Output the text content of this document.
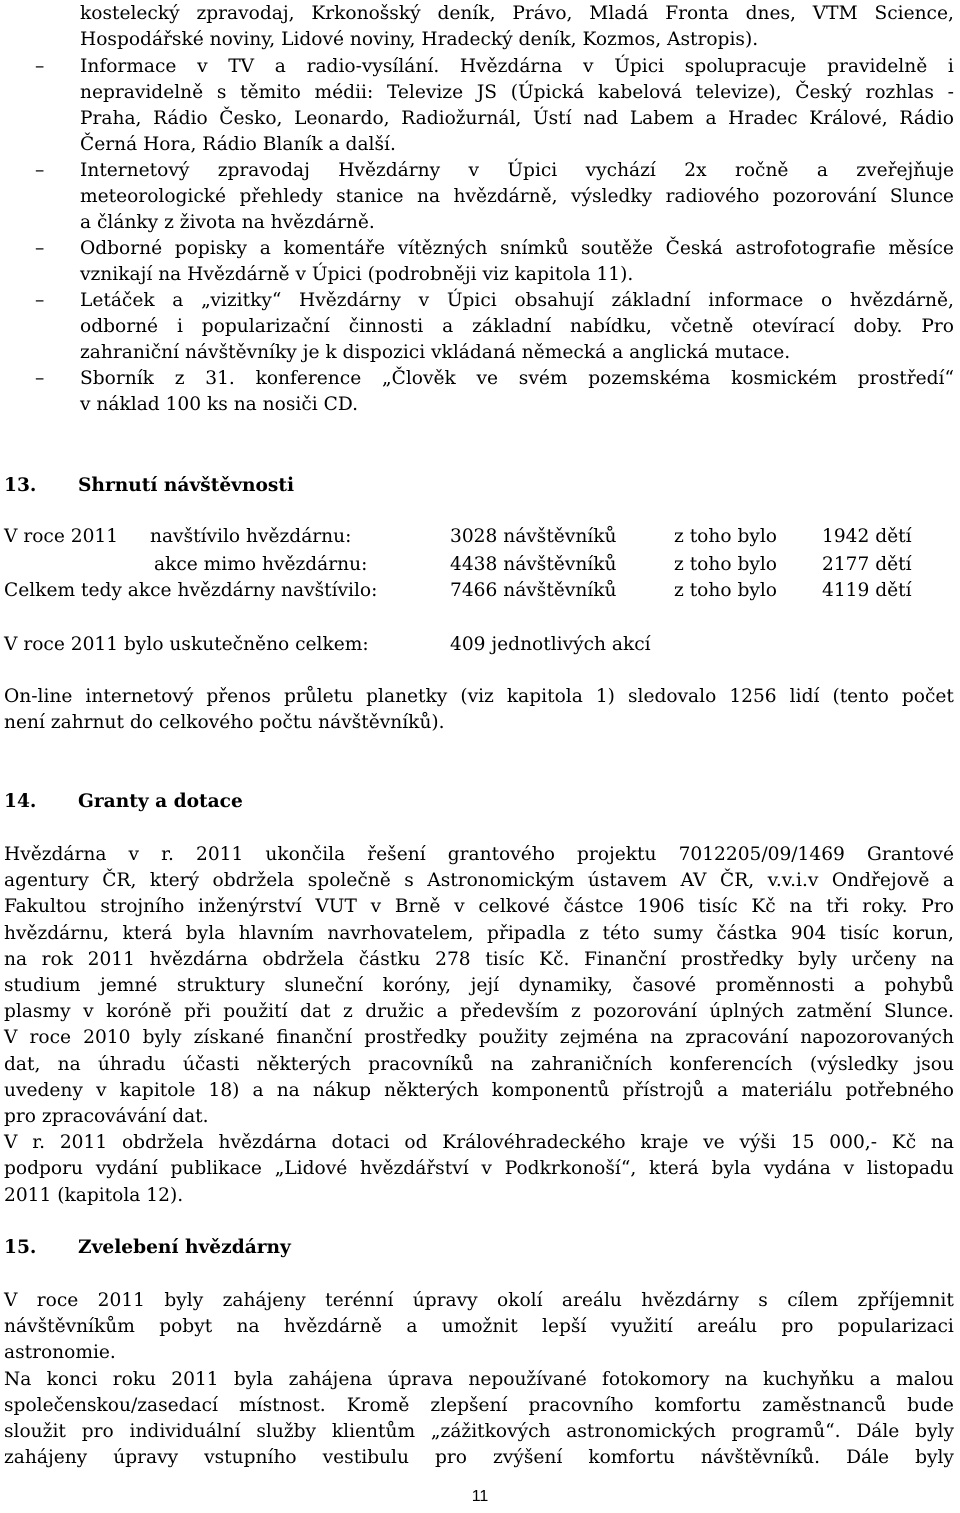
kostelecký zpravodaj, Krkonošský deník, Právo, Mladá Fronta dnes, VTM Science,
Hospodářské noviny, Lidové noviny, Hradecký deník, Kozmos, Astropis).
–
Informace v TV a radio-vysílání. Hvězdárna v Úpici spolupracuje pravidelně i
nepravidelně s těmito médii: Televize JS (Úpická kabelová televize), Český rozhlas -
Praha, Rádio Česko, Leonardo, Radiožurnál, Ústí nad Labem a Hradec Králové, Rádio
Černá Hora, Rádio Blaník a další.
–
Internetový zpravodaj Hvězdárny v Úpici vychází 2x ročně a zveřejňuje
meteorologické přehledy stanice na hvězdárně, výsledky radiového pozorování Slunce
a články z života na hvězdárně.
–
Odborné popisky a komentáře vítězných snímků soutěže Česká astrofotografie měsíce
vznikají na Hvězdárně v Úpici (podrobněji viz kapitola 11).
–
Letáček a „vizitky“ Hvězdárny v Úpici obsahují základní informace o hvězdárně,
odborné i popularizační činnosti a základní nabídku, včetně otevírací doby. Pro
zahraniční návštěvníky je k dispozici vkládaná německá a anglická mutace.
–
Sborník z 31. konference „Člověk ve svém pozemskéma kosmickém prostředí“
v náklad 100 ks na nosiči CD.
13. Shrnutí návštěvnosti
V roce 2011 navštívilo hvězdárnu:	3028 návštěvníků	z toho bylo 1942 dětí
akce mimo hvězdárnu:	4438 návštěvníků	z toho bylo 2177 dětí
Celkem tedy akce hvězdárny navštívilo:	7466 návštěvníků	z toho bylo 4119 dětí
V roce 2011 bylo uskutečněno celkem:	409 jednotlivých akcí
On-line internetový přenos průletu planetky (viz kapitola 1) sledovalo 1256 lidí (tento počet
není zahrnut do celkového počtu návštěvníků).
14. Granty a dotace
Hvězdárna v r. 2011 ukončila řešení grantového projektu 7012205/09/1469 Grantové
agentury ČR, který obdržela společně s Astronomickým ústavem AV ČR, v.v.i.v Ondřejově a
Fakultou strojního inženýrství VUT v Brně v celkové částce 1906 tisíc Kč na tři roky. Pro
hvězdárnu, která byla hlavním navrhovatelem, připadla z této sumy částka 904 tisíc korun,
na rok 2011 hvězdárna obdržela částku 278 tisíc Kč. Finanční prostředky byly určeny na
studium jemné struktury sluneční koróny, její dynamiky, časové proměnnosti a pohybů
plasmy v koróně při použití dat z družic a především z pozorování úplných zatmění Slunce.
V roce 2010 byly získané finanční prostředky použity zejména na zpracování napozorovaných
dat, na úhradu účasti některých pracovníků na zahraničních konferencích (výsledky jsou
uvedeny v kapitole 18) a na nákup některých komponentů přístrojů a materiálu potřebného
pro zpracovávání dat.
V r. 2011 obdržela hvězdárna dotaci od Královéhradeckého kraje ve výši 15 000,- Kč na
podporu vydání publikace „Lidové hvězdářství v Podkrkonoší“, která byla vydána v listopadu
2011 (kapitola 12).
15. Zvelebení hvězdárny
V roce 2011 byly zahájeny terénní úpravy okolí areálu hvězdárny s cílem zpříjemnit
návštěvníkům pobyt na hvězdárně a umožnit lepší využití areálu pro popularizaci
astronomie.
Na konci roku 2011 byla zahájena úprava nepoužívané fotokomory na kuchyňku a malou
společenskou/zasedací místnost. Kromě zlepšení pracovního komfortu zaměstnanců bude
sloužit pro individuální služby klientům „zážitkových astronomických programů“. Dále byly
zahájeny úpravy vstupního vestibulu pro zvýšení komfortu návštěvníků. Dále byly
11
